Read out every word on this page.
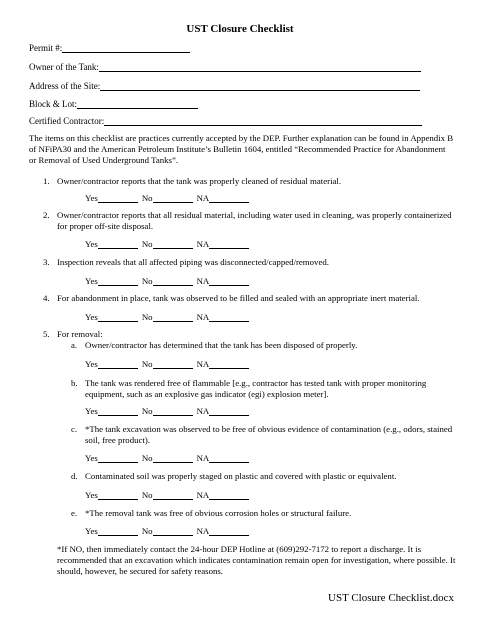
UST Closure Checklist
Permit #:
Owner of the Tank:
Address of the Site:
Block & Lot:
Certified Contractor:
The items on this checklist are practices currently accepted by the DEP. Further explanation can be found in Appendix B of NFiPA30 and the American Petroleum Institute’s Bulletin 1604, entitled “Recommended Practice for Abandonment or Removal of Used Underground Tanks”.
1. Owner/contractor reports that the tank was properly cleaned of residual material.
Yes	No	NA
2. Owner/contractor reports that all residual material, including water used in cleaning, was properly containerized for proper off-site disposal.
Yes	No	NA
3. Inspection reveals that all affected piping was disconnected/capped/removed.
Yes	No	NA
4. For abandonment in place, tank was observed to be filled and sealed with an appropriate inert material.
Yes	No	NA
5. For removal:
a. Owner/contractor has determined that the tank has been disposed of properly.
Yes	No	NA
b. The tank was rendered free of flammable [e.g., contractor has tested tank with proper monitoring equipment, such as an explosive gas indicator (egi) explosion meter].
Yes	No	NA
c. *The tank excavation was observed to be free of obvious evidence of contamination (e.g., odors, stained soil, free product).
Yes	No	NA
d. Contaminated soil was properly staged on plastic and covered with plastic or equivalent.
Yes	No	NA
e. *The removal tank was free of obvious corrosion holes or structural failure.
Yes	No	NA
*If NO, then immediately contact the 24-hour DEP Hotline at (609)292-7172 to report a discharge. It is recommended that an excavation which indicates contamination remain open for investigation, where possible. It should, however, be secured for safety reasons.
UST Closure Checklist.docx
